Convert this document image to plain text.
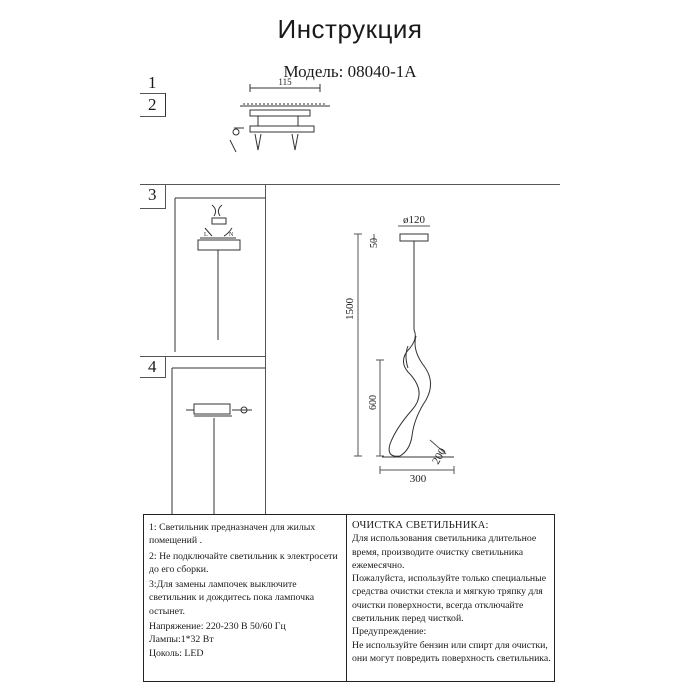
Инструкция
Модель: 08040-1A
1
2
3
4
115
ø120
50
1500
600
300
200
L	N

1: Светильник предназначен для жилых помещений .

2: Не подключайте светильник к электросети до его сборки.

3:Для замены лампочек выключите светильник и дождитесь пока лампочка остынет.

Напряжение: 220-230 В 50/60 Гц

Лампы:1*32 Вт

Цоколь: LED

ОЧИСТКА СВЕТИЛЬНИКА:

Для использования светильника длительное время, производите очистку светильника ежемесячно.

Пожалуйста, используйте только специальные средства очистки стекла и мягкую тряпку для очистки поверхности, всегда отключайте светильник перед чисткой.

Предупреждение:

Не используйте бензин или спирт для очистки, они могут повредить поверхность светильника.
